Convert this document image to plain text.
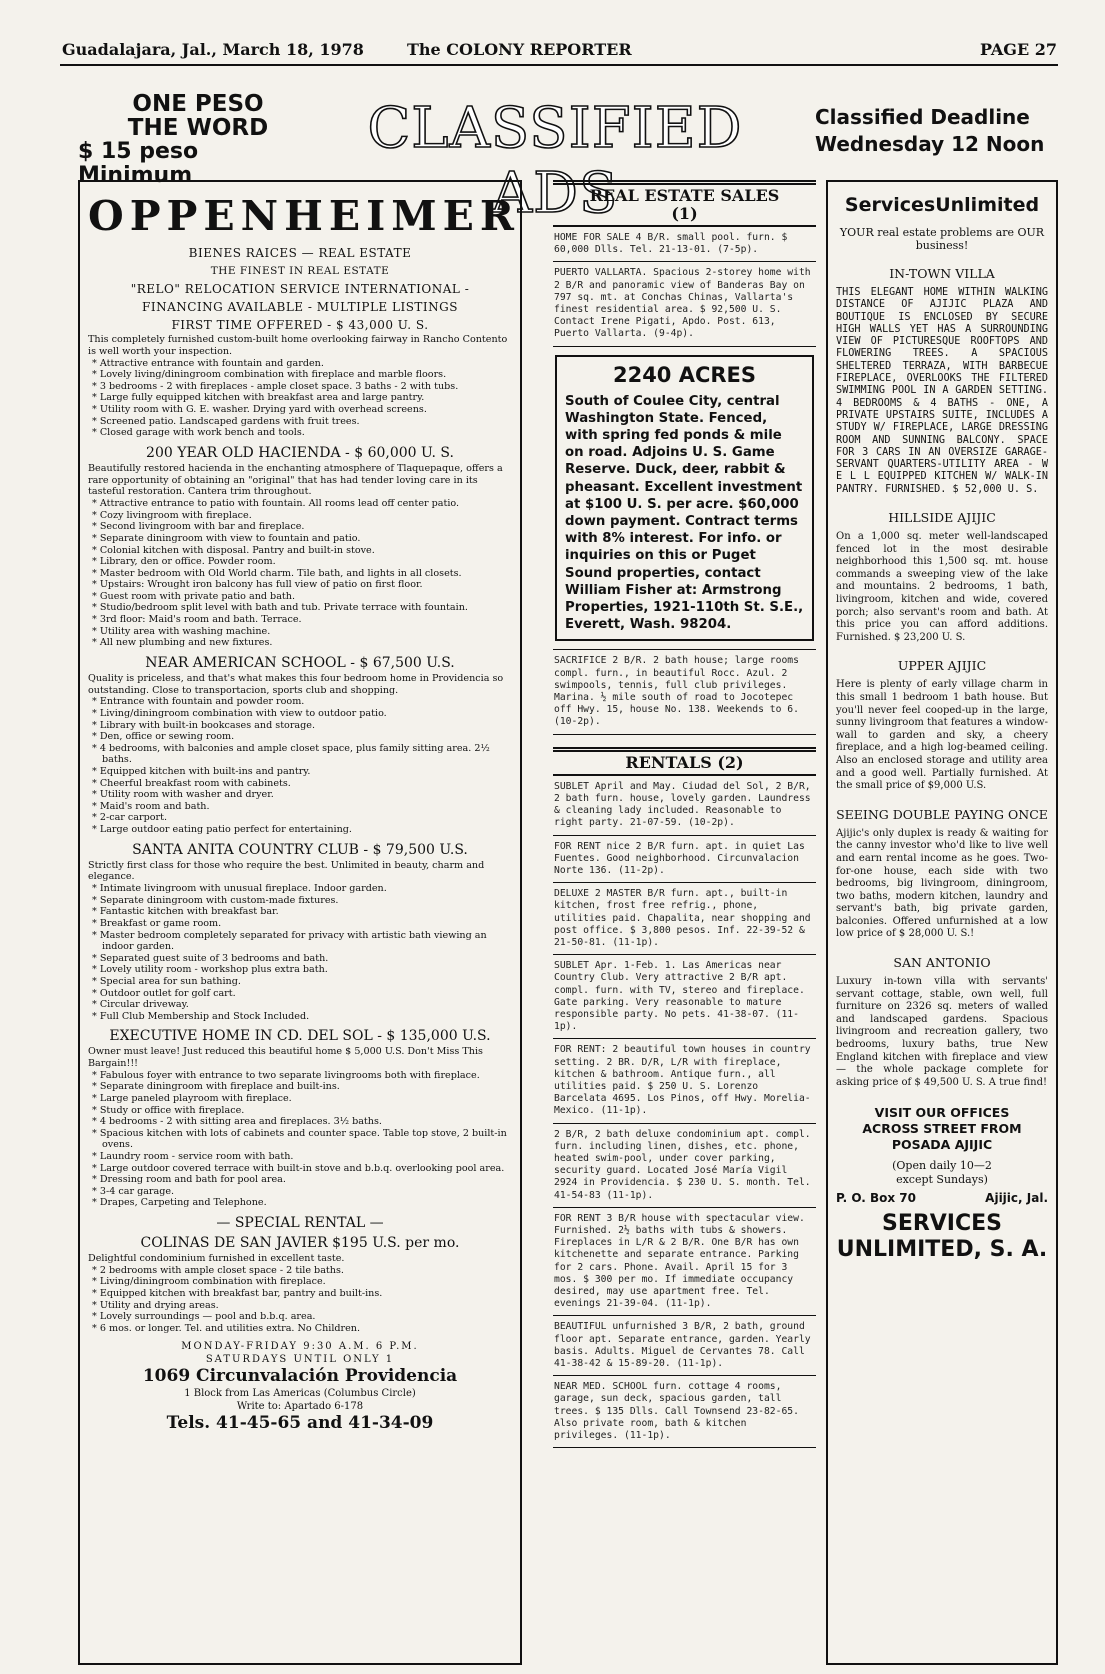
Guadalajara, Jal., March 18, 1978	The COLONY REPORTER	PAGE 27
ONE PESO
THE WORD
$ 15 peso Minimum
CLASSIFIED ADS
Classified Deadline
Wednesday 12 Noon
OPPENHEIMER
BIENES RAICES — REAL ESTATE
THE FINEST IN REAL ESTATE
"RELO" RELOCATION SERVICE INTERNATIONAL -
FINANCING AVAILABLE - MULTIPLE LISTINGS
FIRST TIME OFFERED - $ 43,000 U. S.
This completely furnished custom-built home overlooking fairway in Rancho Contento is well worth your inspection.
* Attractive entrance with fountain and garden.
* Lovely living/diningroom combination with fireplace and marble floors.
* 3 bedrooms - 2 with fireplaces - ample closet space. 3 baths - 2 with tubs.
* Large fully equipped kitchen with breakfast area and large pantry.
* Utility room with G. E. washer. Drying yard with overhead screens.
* Screened patio. Landscaped gardens with fruit trees.
* Closed garage with work bench and tools.
200 YEAR OLD HACIENDA - $ 60,000 U. S.
Beautifully restored hacienda in the enchanting atmosphere of Tlaquepaque, offers a rare opportunity of obtaining an "original" that has had tender loving care in its tasteful restoration. Cantera trim throughout.
* Attractive entrance to patio with fountain. All rooms lead off center patio.
* Cozy livingroom with fireplace.
* Second livingroom with bar and fireplace.
* Separate diningroom with view to fountain and patio.
* Colonial kitchen with disposal. Pantry and built-in stove.
* Library, den or office. Powder room.
* Master bedroom with Old World charm. Tile bath, and lights in all closets.
* Upstairs: Wrought iron balcony has full view of patio on first floor.
* Guest room with private patio and bath.
* Studio/bedroom split level with bath and tub. Private terrace with fountain.
* 3rd floor: Maid's room and bath. Terrace.
* Utility area with washing machine.
* All new plumbing and new fixtures.
NEAR AMERICAN SCHOOL - $ 67,500 U.S.
Quality is priceless, and that's what makes this four bedroom home in Providencia so outstanding. Close to transportacion, sports club and shopping.
* Entrance with fountain and powder room.
* Living/diningroom combination with view to outdoor patio.
* Library with built-in bookcases and storage.
* Den, office or sewing room.
* 4 bedrooms, with balconies and ample closet space, plus family sitting area. 2½ baths.
* Equipped kitchen with built-ins and pantry.
* Cheerful breakfast room with cabinets.
* Utility room with washer and dryer.
* Maid's room and bath.
* 2-car carport.
* Large outdoor eating patio perfect for entertaining.
SANTA ANITA COUNTRY CLUB - $ 79,500 U.S.
Strictly first class for those who require the best. Unlimited in beauty, charm and elegance.
* Intimate livingroom with unusual fireplace. Indoor garden.
* Separate diningroom with custom-made fixtures.
* Fantastic kitchen with breakfast bar.
* Breakfast or game room.
* Master bedroom completely separated for privacy with artistic bath viewing an indoor garden.
* Separated guest suite of 3 bedrooms and bath.
* Lovely utility room - workshop plus extra bath.
* Special area for sun bathing.
* Outdoor outlet for golf cart.
* Circular driveway.
* Full Club Membership and Stock Included.
EXECUTIVE HOME IN CD. DEL SOL - $ 135,000 U.S.
Owner must leave! Just reduced this beautiful home $ 5,000 U.S. Don't Miss This Bargain!!!
* Fabulous foyer with entrance to two separate livingrooms both with fireplace.
* Separate diningroom with fireplace and built-ins.
* Large paneled playroom with fireplace.
* Study or office with fireplace.
* 4 bedrooms - 2 with sitting area and fireplaces. 3½ baths.
* Spacious kitchen with lots of cabinets and counter space. Table top stove, 2 built-in ovens.
* Laundry room - service room with bath.
* Large outdoor covered terrace with built-in stove and b.b.q. overlooking pool area.
* Dressing room and bath for pool area.
* 3-4 car garage.
* Drapes, Carpeting and Telephone.
— SPECIAL RENTAL —
COLINAS DE SAN JAVIER $195 U.S. per mo.
Delightful condominium furnished in excellent taste.
* 2 bedrooms with ample closet space - 2 tile baths.
* Living/diningroom combination with fireplace.
* Equipped kitchen with breakfast bar, pantry and built-ins.
* Utility and drying areas.
* Lovely surroundings — pool and b.b.q. area.
* 6 mos. or longer. Tel. and utilities extra. No Children.
MONDAY-FRIDAY 9:30 A.M. 6 P.M.
SATURDAYS UNTIL ONLY 1
1069 Circunvalación Providencia
1 Block from Las Americas (Columbus Circle)
Write to: Apartado 6-178
Tels. 41-45-65 and 41-34-09
REAL ESTATE SALES
(1)
HOME FOR SALE 4 B/R. small pool. furn. $ 60,000 Dlls. Tel. 21-13-01. (7-5p).
PUERTO VALLARTA. Spacious 2-storey home with 2 B/R and panoramic view of Banderas Bay on 797 sq. mt. at Conchas Chinas, Vallarta's finest residential area. $ 92,500 U. S. Contact Irene Pigati, Apdo. Post. 613, Puerto Vallarta. (9-4p).
2240 ACRES

South of Coulee City, central Washington State. Fenced, with spring fed ponds & mile on road. Adjoins U. S. Game Reserve. Duck, deer, rabbit & pheasant. Excellent investment at $100 U. S. per acre. $60,000 down payment. Contract terms with 8% interest. For info. or inquiries on this or Puget Sound properties, contact William Fisher at: Armstrong Properties, 1921-110th St. S.E., Everett, Wash. 98204.

SACRIFICE 2 B/R. 2 bath house; large rooms compl. furn., in beautiful Rocc. Azul. 2 swimpools, tennis, full club privileges. Marina. ½ mile south of road to Jocotepec off Hwy. 15, house No. 138. Weekends to 6. (10-2p).
RENTALS (2)
SUBLET April and May. Ciudad del Sol, 2 B/R, 2 bath furn. house, lovely garden. Laundress & cleaning lady included. Reasonable to right party. 21-07-59. (10-2p).
FOR RENT nice 2 B/R furn. apt. in quiet Las Fuentes. Good neighborhood. Circunvalacion Norte 136. (11-2p).
DELUXE 2 MASTER B/R furn. apt., built-in kitchen, frost free refrig., phone, utilities paid. Chapalita, near shopping and post office. $ 3,800 pesos. Inf. 22-39-52 & 21-50-81. (11-1p).
SUBLET Apr. 1-Feb. 1. Las Americas near Country Club. Very attractive 2 B/R apt. compl. furn. with TV, stereo and fireplace. Gate parking. Very reasonable to mature responsible party. No pets. 41-38-07. (11-1p).
FOR RENT: 2 beautiful town houses in country setting. 2 BR. D/R, L/R with fireplace, kitchen & bathroom. Antique furn., all utilities paid. $ 250 U. S. Lorenzo Barcelata 4695. Los Pinos, off Hwy. Morelia-Mexico. (11-1p).
2 B/R, 2 bath deluxe condominium apt. compl. furn. including linen, dishes, etc. phone, heated swim-pool, under cover parking, security guard. Located José María Vigil 2924 in Providencia. $ 230 U. S. month. Tel. 41-54-83 (11-1p).
FOR RENT 3 B/R house with spectacular view. Furnished. 2½ baths with tubs & showers. Fireplaces in L/R & 2 B/R. One B/R has own kitchenette and separate entrance. Parking for 2 cars. Phone. Avail. April 15 for 3 mos. $ 300 per mo. If immediate occupancy desired, may use apartment free. Tel. evenings 21-39-04. (11-1p).
BEAUTIFUL unfurnished 3 B/R, 2 bath, ground floor apt. Separate entrance, garden. Yearly basis. Adults. Miguel de Cervantes 78. Call 41-38-42 & 15-89-20. (11-1p).
NEAR MED. SCHOOL furn. cottage 4 rooms, garage, sun deck, spacious garden, tall trees. $ 135 Dlls. Call Townsend 23-82-65. Also private room, bath & kitchen privileges. (11-1p).
ServicesUnlimited
YOUR real estate problems are OUR business!
IN-TOWN VILLA
THIS ELEGANT HOME WITHIN WALKING DISTANCE OF AJIJIC PLAZA AND BOUTIQUE IS ENCLOSED BY SECURE HIGH WALLS YET HAS A SURROUNDING VIEW OF PICTURESQUE ROOFTOPS AND FLOWERING TREES. A SPACIOUS SHELTERED TERRAZA, WITH BARBECUE FIREPLACE, OVERLOOKS THE FILTERED SWIMMING POOL IN A GARDEN SETTING. 4 BEDROOMS & 4 BATHS - ONE, A PRIVATE UPSTAIRS SUITE, INCLUDES A STUDY W/ FIREPLACE, LARGE DRESSING ROOM AND SUNNING BALCONY. SPACE FOR 3 CARS IN AN OVERSIZE GARAGE-SERVANT QUARTERS-UTILITY AREA - W E L L EQUIPPED KITCHEN W/ WALK-IN PANTRY. FURNISHED. $ 52,000 U. S.
HILLSIDE AJIJIC
On a 1,000 sq. meter well-landscaped fenced lot in the most desirable neighborhood this 1,500 sq. mt. house commands a sweeping view of the lake and mountains. 2 bedrooms, 1 bath, livingroom, kitchen and wide, covered porch; also servant's room and bath. At this price you can afford additions. Furnished. $ 23,200 U. S.
UPPER AJIJIC
Here is plenty of early village charm in this small 1 bedroom 1 bath house. But you'll never feel cooped-up in the large, sunny livingroom that features a window-wall to garden and sky, a cheery fireplace, and a high log-beamed ceiling. Also an enclosed storage and utility area and a good well. Partially furnished. At the small price of $9,000 U.S.
SEEING DOUBLE PAYING ONCE
Ajijic's only duplex is ready & waiting for the canny investor who'd like to live well and earn rental income as he goes. Two-for-one house, each side with two bedrooms, big livingroom, diningroom, two baths, modern kitchen, laundry and servant's bath, big private garden, balconies. Offered unfurnished at a low low price of $ 28,000 U. S.!
SAN ANTONIO
Luxury in-town villa with servants' servant cottage, stable, own well, full furniture on 2326 sq. meters of walled and landscaped gardens. Spacious livingroom and recreation gallery, two bedrooms, luxury baths, true New England kitchen with fireplace and view — the whole package complete for asking price of $ 49,500 U. S. A true find!
VISIT OUR OFFICES
ACROSS STREET FROM
POSADA AJIJIC
(Open daily 10—2
except Sundays)
P. O. Box 70	Ajijic, Jal.
SERVICES
UNLIMITED, S. A.
